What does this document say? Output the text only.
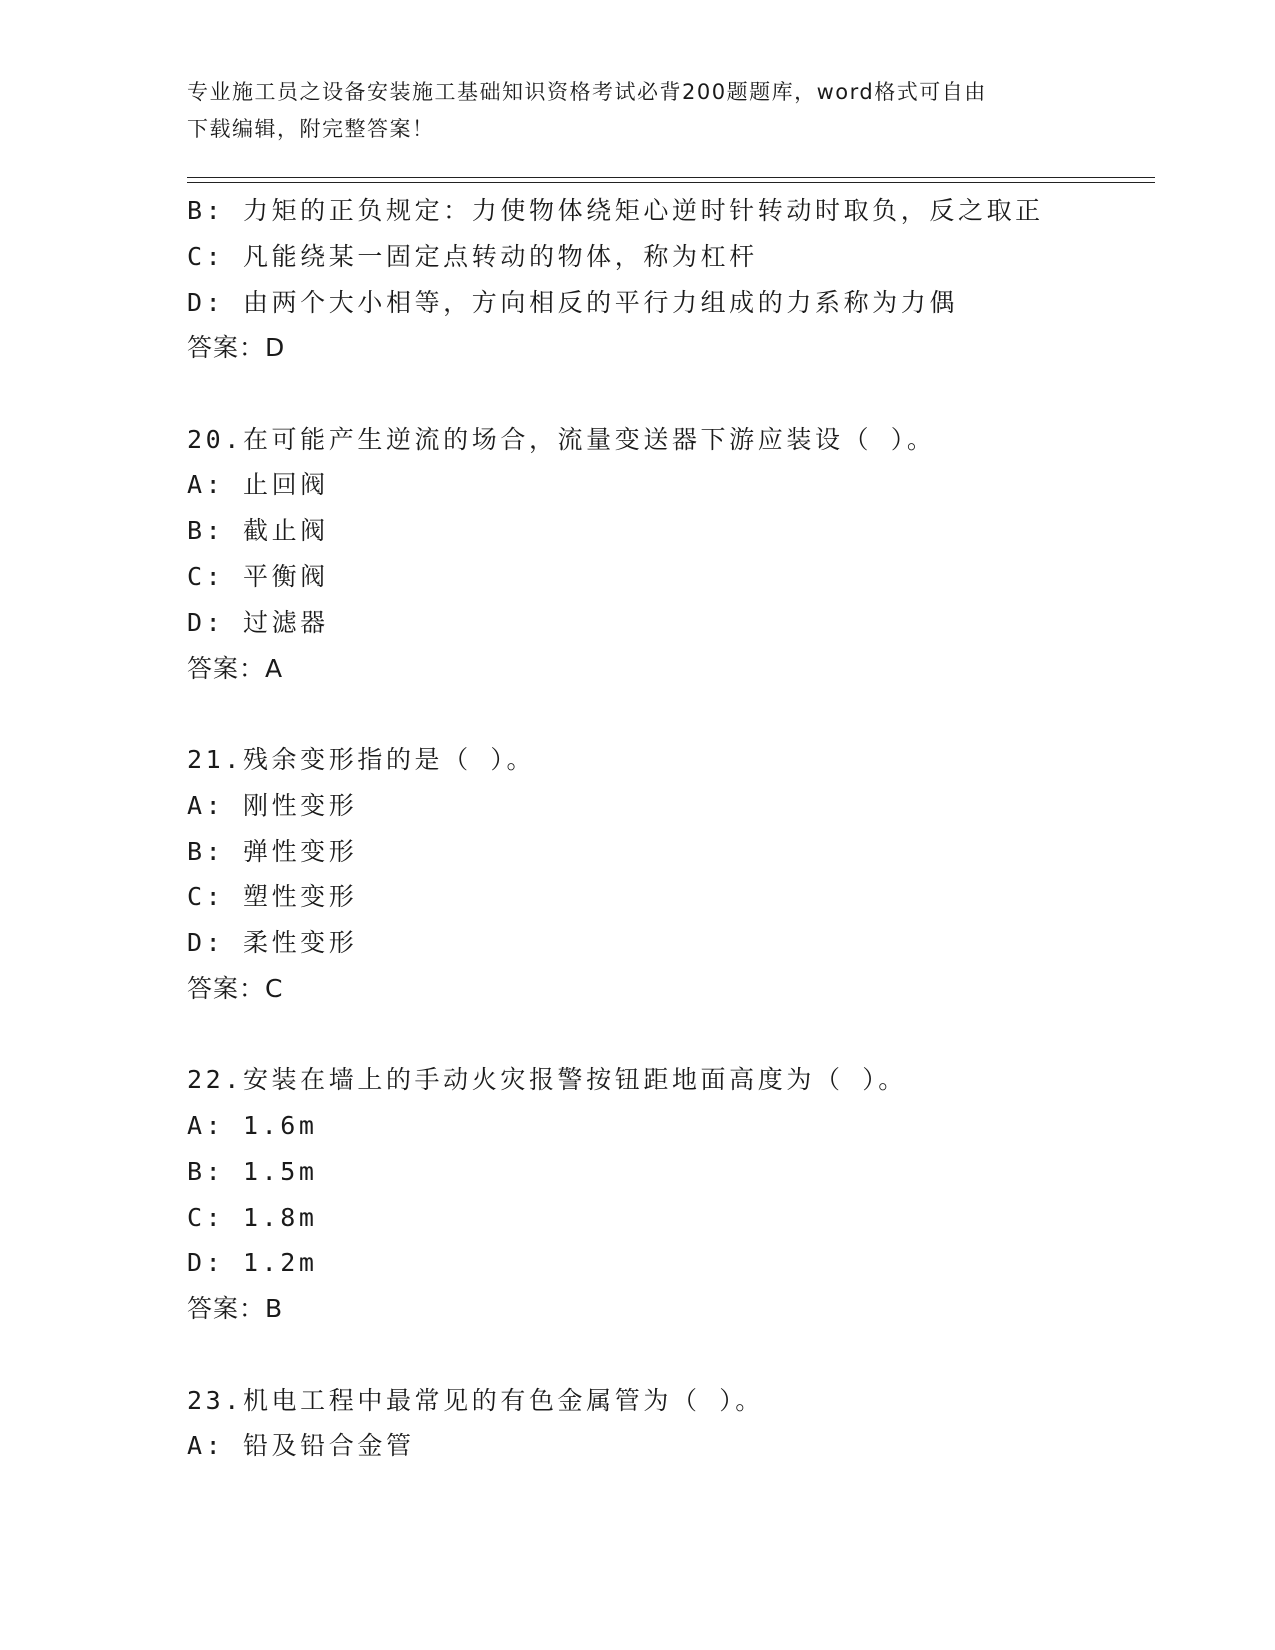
专业施工员之设备安装施工基础知识资格考试必背200题题库，word格式可自由
下载编辑，附完整答案！
B: 力矩的正负规定：力使物体绕矩心逆时针转动时取负，反之取正
C: 凡能绕某一固定点转动的物体，称为杠杆
D: 由两个大小相等，方向相反的平行力组成的力系称为力偶
答案：D
20.在可能产生逆流的场合，流量变送器下游应装设（ ）。
A: 止回阀
B: 截止阀
C: 平衡阀
D: 过滤器
答案：A
21.残余变形指的是（ ）。
A: 刚性变形
B: 弹性变形
C: 塑性变形
D: 柔性变形
答案：C
22.安装在墙上的手动火灾报警按钮距地面高度为（ ）。
A: 1.6m
B: 1.5m
C: 1.8m
D: 1.2m
答案：B
23.机电工程中最常见的有色金属管为（ ）。
A: 铅及铅合金管
